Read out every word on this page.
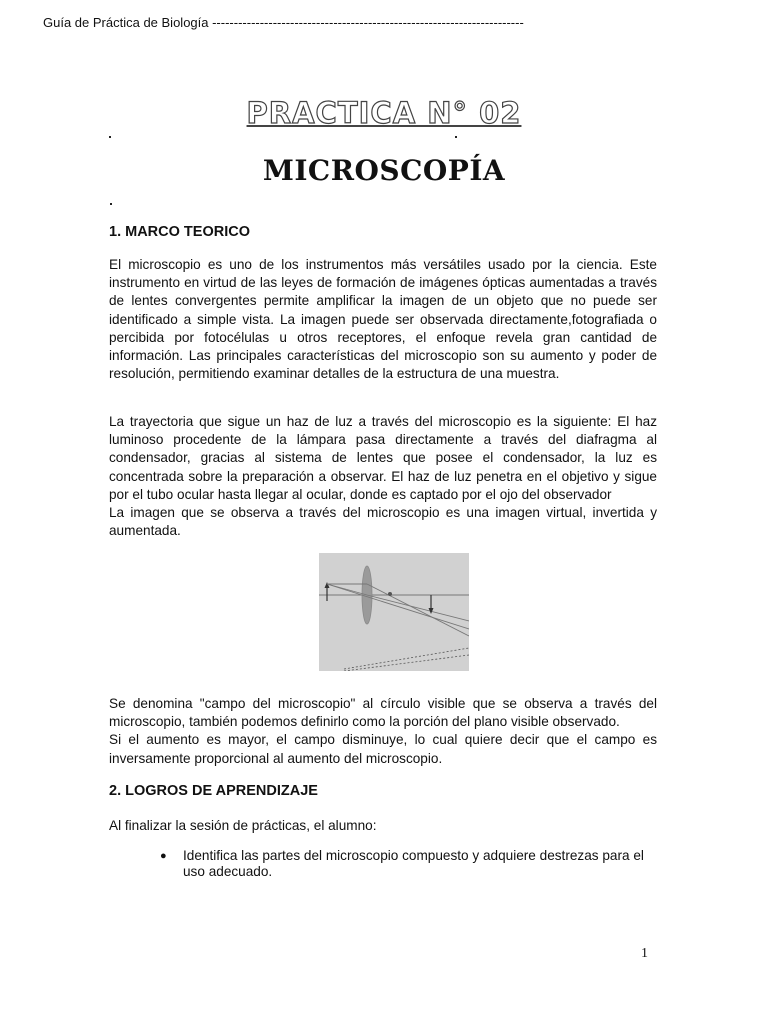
Guía de Práctica de Biología ------------------------------------------------------------------------
PRACTICA N° 02
MICROSCOPÍA
1. MARCO TEORICO

El microscopio es uno de los instrumentos más versátiles usado por la ciencia. Este instrumento en virtud de las leyes de formación de imágenes ópticas aumentadas a través de lentes convergentes permite amplificar la imagen de un objeto que no puede ser identificado a simple vista. La imagen puede ser observada directamente,fotografiada o percibida por fotocélulas u otros receptores, el enfoque revela gran cantidad de información. Las principales características del microscopio son su aumento y poder de resolución, permitiendo examinar detalles de la estructura de una muestra.

La trayectoria que sigue un haz de luz a través del microscopio es la siguiente: El haz luminoso procedente de la lámpara pasa directamente a través del diafragma al condensador, gracias al sistema de lentes que posee el condensador, la luz es concentrada sobre la preparación a observar. El haz de luz penetra en el objetivo y sigue por el tubo ocular hasta llegar al ocular, donde es captado por el ojo del observador

La imagen que se observa a través del microscopio es una imagen virtual, invertida y aumentada.

Se denomina "campo del microscopio" al círculo visible que se observa a través del microscopio, también podemos definirlo como la porción del plano visible observado.

Si el aumento es mayor, el campo disminuye, lo cual quiere decir que el campo es inversamente proporcional al aumento del microscopio.

2. LOGROS DE APRENDIZAJE
Al finalizar la sesión de prácticas, el alumno:
● Identifica las partes del microscopio compuesto y adquiere destrezas para el uso adecuado.
1
